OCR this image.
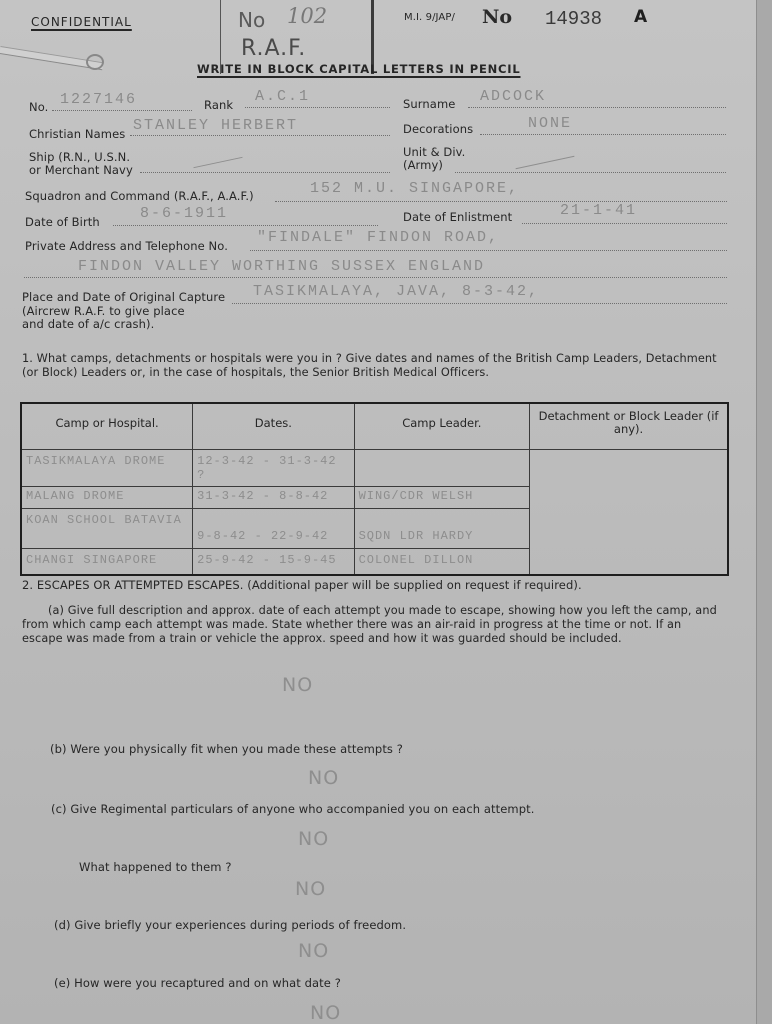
CONFIDENTIAL	No 102
R.A.F.
M.I. 9/JAP/ No 14938 A
WRITE IN BLOCK CAPITAL LETTERS IN PENCIL
No. 1227146	Rank A.C.1	Surname ADCOCK
Christian Names STANLEY HERBERT	Decorations	NONE
Ship (R.N., U.S.N.
or Merchant Navy
Unit & Div.
(Army)
Squadron and Command (R.A.F., A.A.F.)	152 M.U. SINGAPORE,
Date of Birth	8-6-1911	Date of Enlistment	21-1-41
Private Address and Telephone No. "FINDALE" FINDON ROAD,
FINDON VALLEY WORTHING SUSSEX ENGLAND
Place and Date of Original Capture
(Aircrew R.A.F. to give place
and date of a/c crash).
TASIKMALAYA, JAVA, 8-3-42,
1. What camps, detachments or hospitals were you in ? Give dates and names of the British Camp Leaders, Detachment
(or Block) Leaders or, in the case of hospitals, the Senior British Medical Officers.
Camp or Hospital.	Dates.	Camp Leader.	Detachment or Block Leader (if any).
TASIKMALAYA DROME	12-3-42 - 31-3-42 ?		
MALANG DROME	31-3-42 - 8-8-42	WING/CDR WELSH	
KOAN SCHOOL BATAVIA	9-8-42 - 22-9-42	SQDN LDR HARDY	
CHANGI SINGAPORE	25-9-42 - 15-9-45	COLONEL DILLON	
2. ESCAPES OR ATTEMPTED ESCAPES. (Additional paper will be supplied on request if required).
(a) Give full description and approx. date of each attempt you made to escape, showing how you left the camp, and
from which camp each attempt was made. State whether there was an air-raid in progress at the time or not. If an
escape was made from a train or vehicle the approx. speed and how it was guarded should be included.
NO
(b) Were you physically fit when you made these attempts ?
NO
(c) Give Regimental particulars of anyone who accompanied you on each attempt.
NO
What happened to them ?
NO
(d) Give briefly your experiences during periods of freedom.
NO
(e) How were you recaptured and on what date ?
NO
